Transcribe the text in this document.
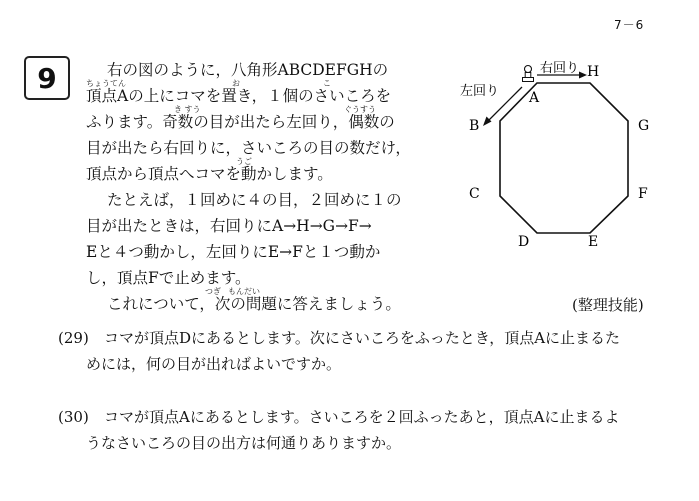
7－6
9	ちょうてん	お	こ
き すう	ぐうすう
うご
つぎ もんだい
右の図のように，八角形ABCDEFGHの
頂点Aの上にコマを置き，１個のさいころを
ふります。奇数の目が出たら左回り，偶数の
目が出たら右回りに，さいころの目の数だけ，
頂点から頂点へコマを動かします。
たとえば，１回めに４の目，２回めに１の
目が出たときは，右回りにA→H→G→F→
Eと４つ動かし，左回りにE→Fと１つ動か
し，頂点Fで止めます。
これについて，次の問題に答えましょう。	(整理技能)
右回り
左回り A
B
C
D	E
F
G
H
(29) コマが頂点Dにあるとします。次にさいころをふったとき，頂点Aに止まるた
めには，何の目が出ればよいですか。
(30) コマが頂点Aにあるとします。さいころを２回ふったあと，頂点Aに止まるよ
うなさいころの目の出方は何通りありますか。
